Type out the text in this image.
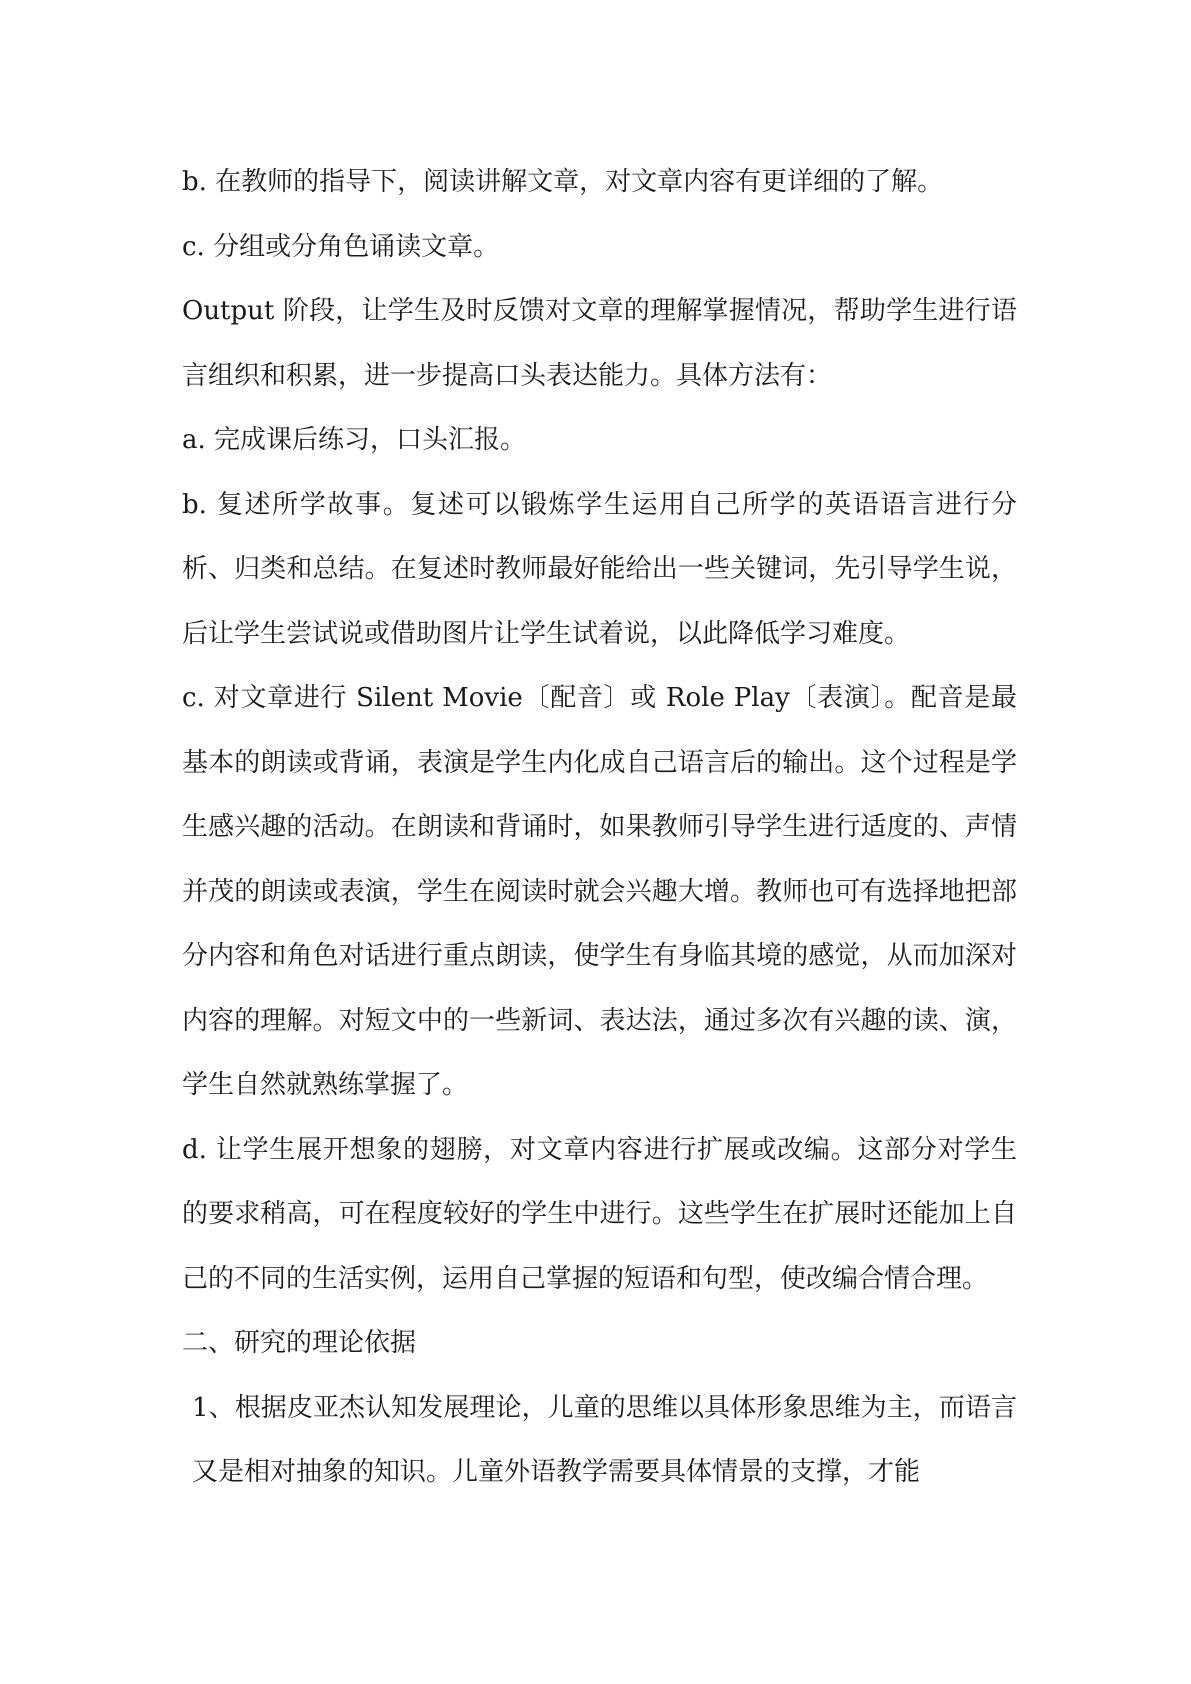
b. 在教师的指导下，阅读讲解文章，对文章内容有更详细的了解。

c. 分组或分角色诵读文章。

Output 阶段，让学生及时反馈对文章的理解掌握情况，帮助学生进行语言组织和积累，进一步提高口头表达能力。具体方法有：

a. 完成课后练习，口头汇报。

b. 复述所学故事。复述可以锻炼学生运用自己所学的英语语言进行分析、归类和总结。在复述时教师最好能给出一些关键词，先引导学生说，后让学生尝试说或借助图片让学生试着说，以此降低学习难度。

c. 对文章进行 Silent Movie〔配音〕或 Role Play〔表演〕。配音是最基本的朗读或背诵，表演是学生内化成自己语言后的输出。这个过程是学生感兴趣的活动。在朗读和背诵时，如果教师引导学生进行适度的、声情并茂的朗读或表演，学生在阅读时就会兴趣大增。教师也可有选择地把部分内容和角色对话进行重点朗读，使学生有身临其境的感觉，从而加深对内容的理解。对短文中的一些新词、表达法，通过多次有兴趣的读、演，学生自然就熟练掌握了。

d. 让学生展开想象的翅膀，对文章内容进行扩展或改编。这部分对学生的要求稍高，可在程度较好的学生中进行。这些学生在扩展时还能加上自己的不同的生活实例，运用自己掌握的短语和句型，使改编合情合理。

二、研究的理论依据

1、根据皮亚杰认知发展理论，儿童的思维以具体形象思维为主，而语言又是相对抽象的知识。儿童外语教学需要具体情景的支撑，才能
